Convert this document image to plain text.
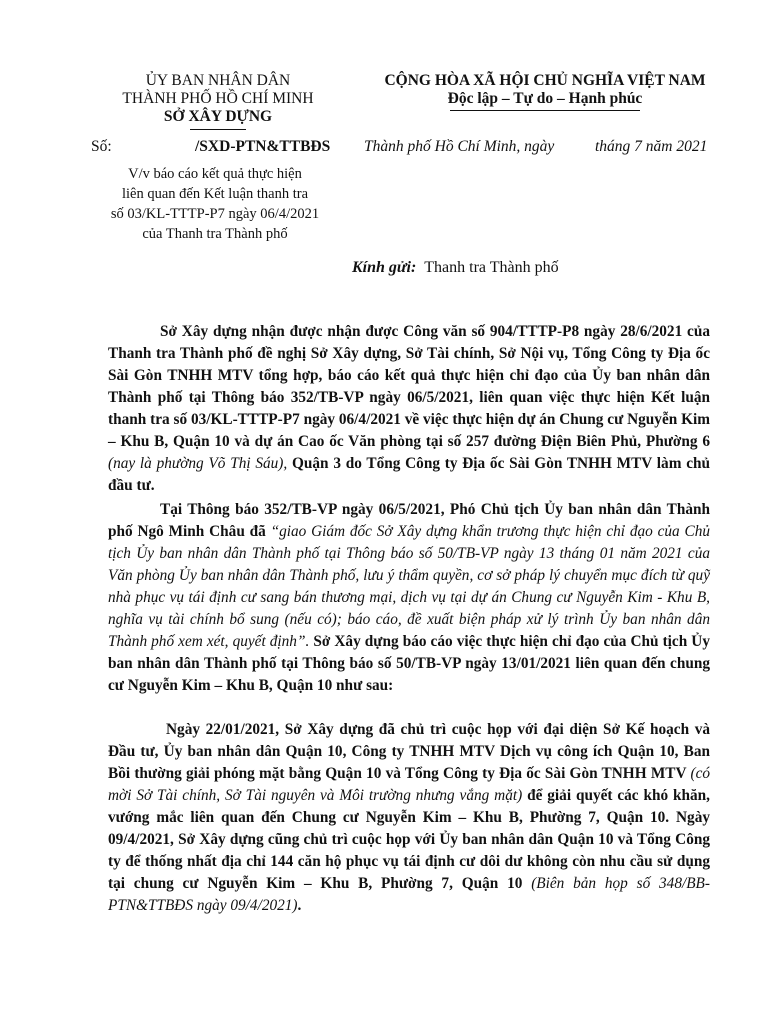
ỦY BAN NHÂN DÂN
THÀNH PHỐ HỒ CHÍ MINH
SỞ XÂY DỰNG
CỘNG HÒA XÃ HỘI CHỦ NGHĨA VIỆT NAM
Độc lập – Tự do – Hạnh phúc
Số:	/SXD-PTN&TTBĐS Thành phố Hồ Chí Minh, ngày	tháng 7 năm 2021
V/v báo cáo kết quả thực hiện
liên quan đến Kết luận thanh tra
số 03/KL-TTTP-P7 ngày 06/4/2021
của Thanh tra Thành phố
Kính gửi: Thanh tra Thành phố
Sở Xây dựng nhận được nhận được Công văn số 904/TTTP-P8 ngày 28/6/2021 của Thanh tra Thành phố đề nghị Sở Xây dựng, Sở Tài chính, Sở Nội vụ, Tổng Công ty Địa ốc Sài Gòn TNHH MTV tổng hợp, báo cáo kết quả thực hiện chỉ đạo của Ủy ban nhân dân Thành phố tại Thông báo 352/TB-VP ngày 06/5/2021, liên quan việc thực hiện Kết luận thanh tra số 03/KL-TTTP-P7 ngày 06/4/2021 về việc thực hiện dự án Chung cư Nguyễn Kim – Khu B, Quận 10 và dự án Cao ốc Văn phòng tại số 257 đường Điện Biên Phủ, Phường 6 (nay là phường Võ Thị Sáu), Quận 3 do Tổng Công ty Địa ốc Sài Gòn TNHH MTV làm chủ đầu tư.
Tại Thông báo 352/TB-VP ngày 06/5/2021, Phó Chủ tịch Ủy ban nhân dân Thành phố Ngô Minh Châu đã “giao Giám đốc Sở Xây dựng khẩn trương thực hiện chỉ đạo của Chủ tịch Ủy ban nhân dân Thành phố tại Thông báo số 50/TB-VP ngày 13 tháng 01 năm 2021 của Văn phòng Ủy ban nhân dân Thành phố, lưu ý thẩm quyền, cơ sở pháp lý chuyển mục đích từ quỹ nhà phục vụ tái định cư sang bán thương mại, dịch vụ tại dự án Chung cư Nguyễn Kim - Khu B, nghĩa vụ tài chính bổ sung (nếu có); báo cáo, đề xuất biện pháp xử lý trình Ủy ban nhân dân Thành phố xem xét, quyết định”. Sở Xây dựng báo cáo việc thực hiện chỉ đạo của Chủ tịch Ủy ban nhân dân Thành phố tại Thông báo số 50/TB-VP ngày 13/01/2021 liên quan đến chung cư Nguyễn Kim – Khu B, Quận 10 như sau:
Ngày 22/01/2021, Sở Xây dựng đã chủ trì cuộc họp với đại diện Sở Kế hoạch và Đầu tư, Ủy ban nhân dân Quận 10, Công ty TNHH MTV Dịch vụ công ích Quận 10, Ban Bồi thường giải phóng mặt bằng Quận 10 và Tổng Công ty Địa ốc Sài Gòn TNHH MTV (có mời Sở Tài chính, Sở Tài nguyên và Môi trường nhưng vắng mặt) để giải quyết các khó khăn, vướng mắc liên quan đến Chung cư Nguyễn Kim – Khu B, Phường 7, Quận 10. Ngày 09/4/2021, Sở Xây dựng cũng chủ trì cuộc họp với Ủy ban nhân dân Quận 10 và Tổng Công ty để thống nhất địa chỉ 144 căn hộ phục vụ tái định cư dôi dư không còn nhu cầu sử dụng tại chung cư Nguyễn Kim – Khu B, Phường 7, Quận 10 (Biên bản họp số 348/BB-PTN&TTBĐS ngày 09/4/2021).
